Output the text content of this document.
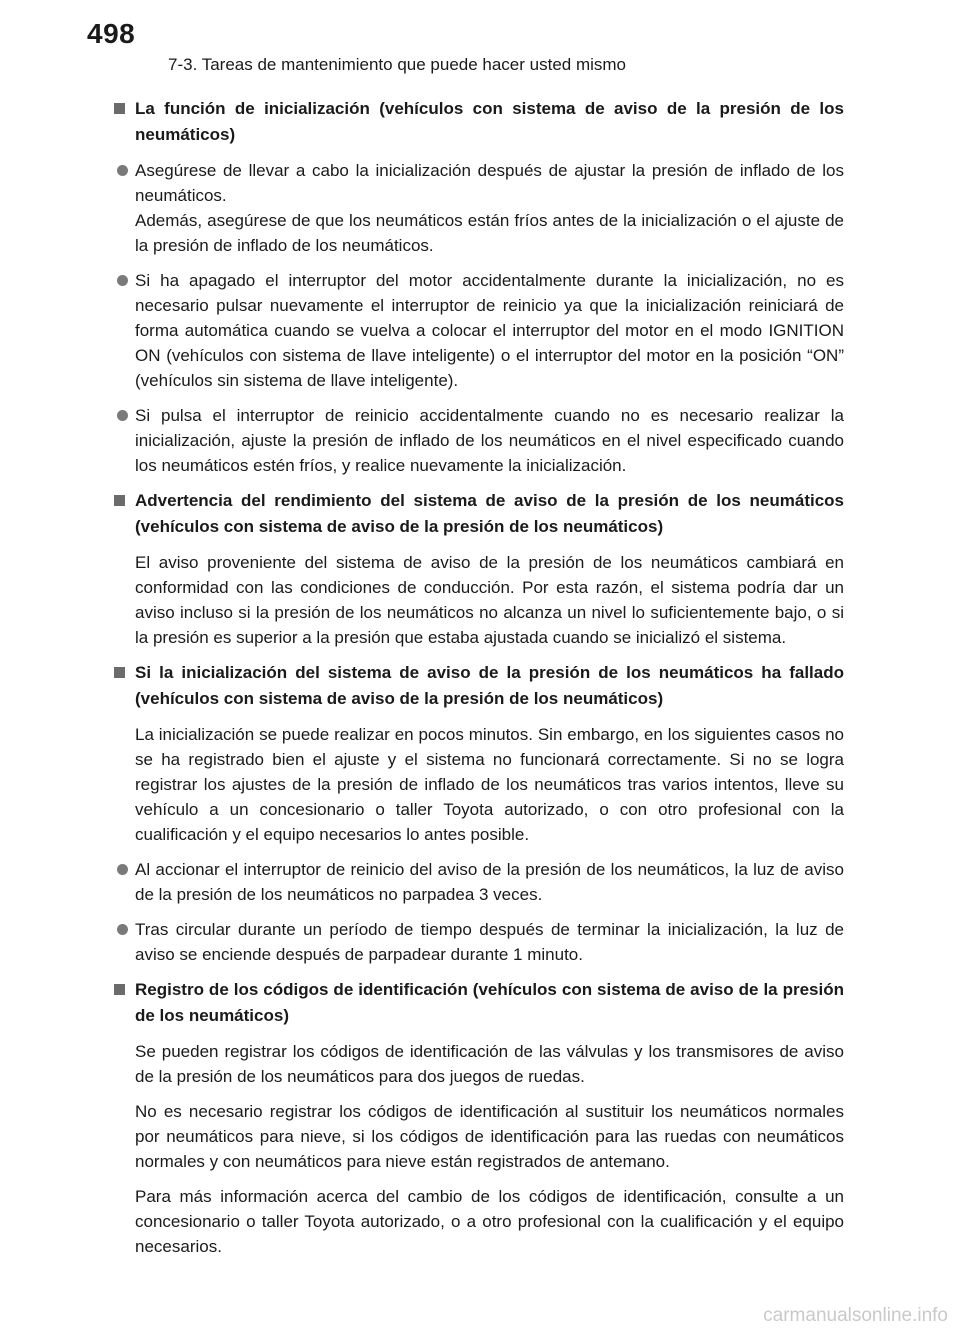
498
7-3. Tareas de mantenimiento que puede hacer usted mismo
La función de inicialización (vehículos con sistema de aviso de la presión de los neumáticos)

Asegúrese de llevar a cabo la inicialización después de ajustar la presión de inflado de los neumáticos.

Además, asegúrese de que los neumáticos están fríos antes de la inicialización o el ajuste de la presión de inflado de los neumáticos.

Si ha apagado el interruptor del motor accidentalmente durante la inicialización, no es necesario pulsar nuevamente el interruptor de reinicio ya que la inicialización reiniciará de forma automática cuando se vuelva a colocar el interruptor del motor en el modo IGNITION ON (vehículos con sistema de llave inteligente) o el interruptor del motor en la posición “ON” (vehículos sin sistema de llave inteligente).

Si pulsa el interruptor de reinicio accidentalmente cuando no es necesario realizar la inicialización, ajuste la presión de inflado de los neumáticos en el nivel especificado cuando los neumáticos estén fríos, y realice nuevamente la inicialización.

Advertencia del rendimiento del sistema de aviso de la presión de los neumáticos (vehículos con sistema de aviso de la presión de los neumáticos)

El aviso proveniente del sistema de aviso de la presión de los neumáticos cambiará en conformidad con las condiciones de conducción. Por esta razón, el sistema podría dar un aviso incluso si la presión de los neumáticos no alcanza un nivel lo suficientemente bajo, o si la presión es superior a la presión que estaba ajustada cuando se inicializó el sistema.

Si la inicialización del sistema de aviso de la presión de los neumáticos ha fallado (vehículos con sistema de aviso de la presión de los neumáticos)

La inicialización se puede realizar en pocos minutos. Sin embargo, en los siguientes casos no se ha registrado bien el ajuste y el sistema no funcionará correctamente. Si no se logra registrar los ajustes de la presión de inflado de los neumáticos tras varios intentos, lleve su vehículo a un concesionario o taller Toyota autorizado, o con otro profesional con la cualificación y el equipo necesarios lo antes posible.

Al accionar el interruptor de reinicio del aviso de la presión de los neumáticos, la luz de aviso de la presión de los neumáticos no parpadea 3 veces.

Tras circular durante un período de tiempo después de terminar la inicialización, la luz de aviso se enciende después de parpadear durante 1 minuto.

Registro de los códigos de identificación (vehículos con sistema de aviso de la presión de los neumáticos)

Se pueden registrar los códigos de identificación de las válvulas y los transmisores de aviso de la presión de los neumáticos para dos juegos de ruedas.

No es necesario registrar los códigos de identificación al sustituir los neumáticos normales por neumáticos para nieve, si los códigos de identificación para las ruedas con neumáticos normales y con neumáticos para nieve están registrados de antemano.

Para más información acerca del cambio de los códigos de identificación, consulte a un concesionario o taller Toyota autorizado, o a otro profesional con la cualificación y el equipo necesarios.

carmanualsonline.info
